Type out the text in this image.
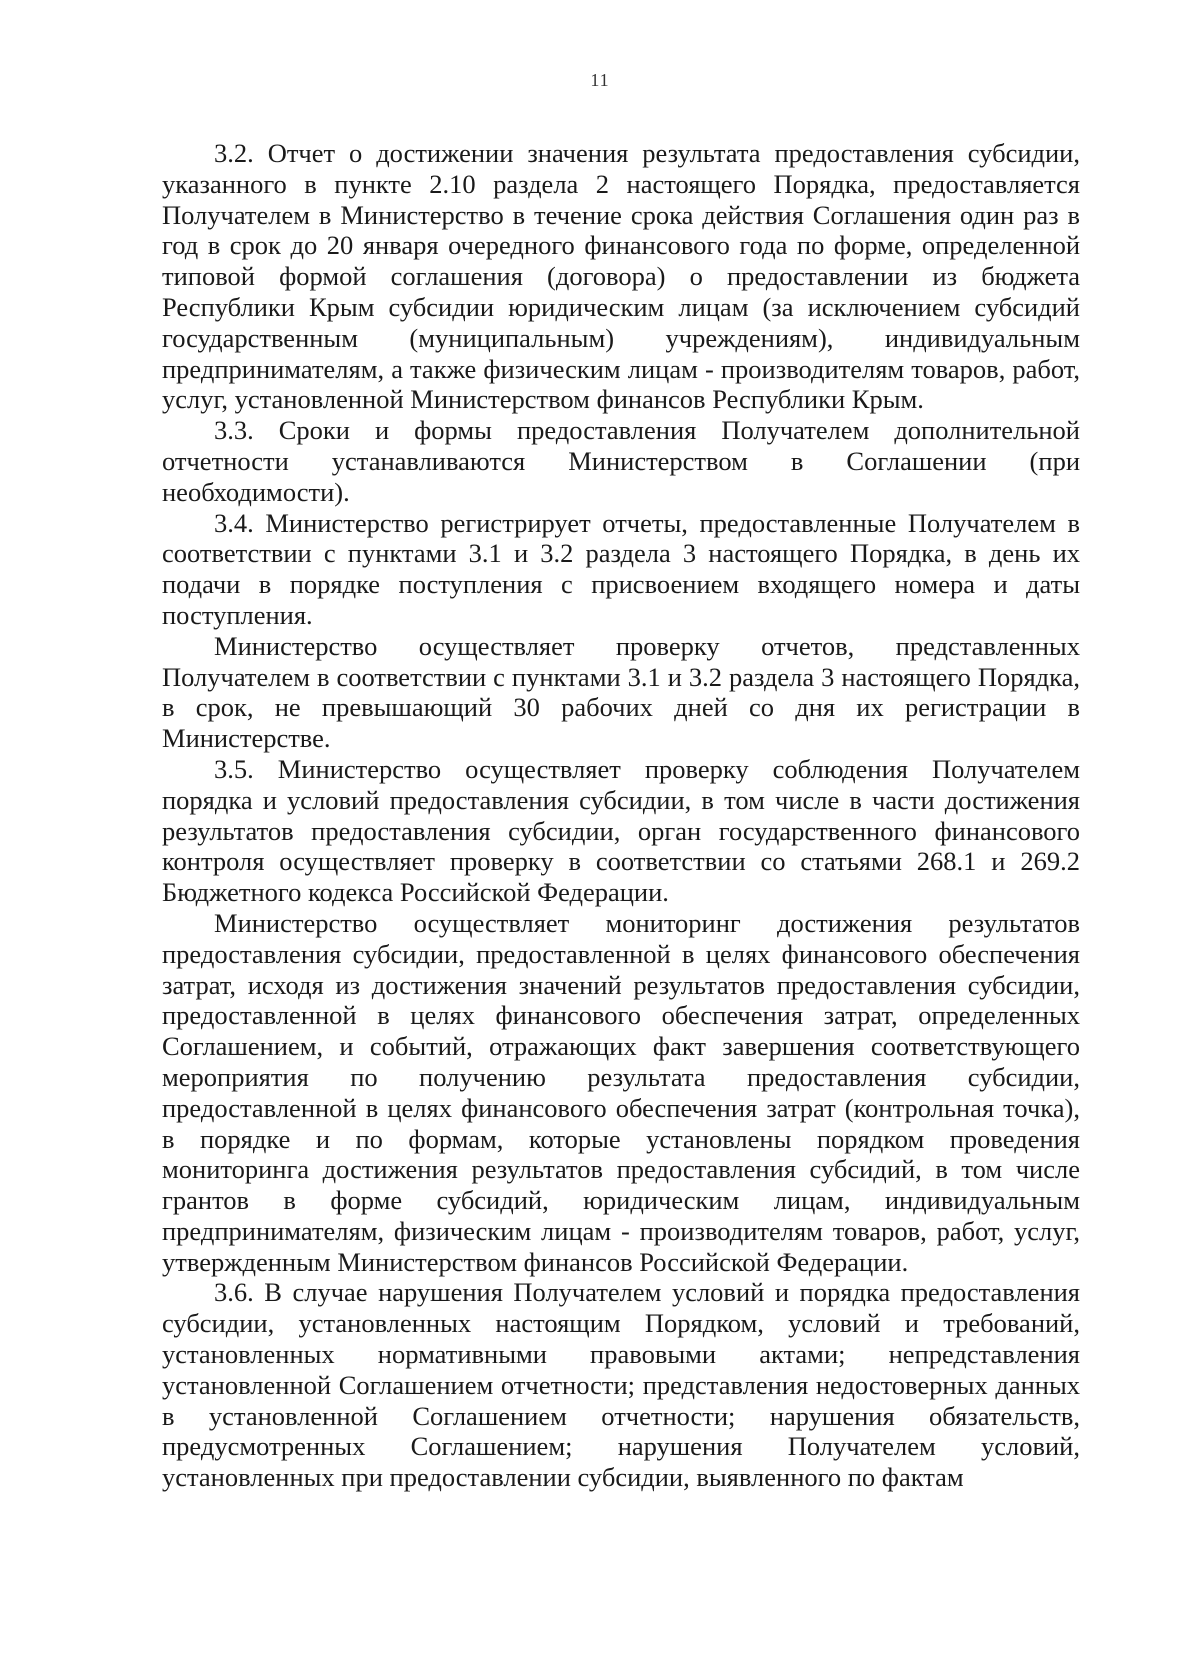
11

3.2. Отчет о достижении значения результата предоставления субсидии, указанного в пункте 2.10 раздела 2 настоящего Порядка, предоставляется Получателем в Министерство в течение срока действия Соглашения один раз в год в срок до 20 января очередного финансового года по форме, определенной типовой формой соглашения (договора) о предоставлении из бюджета Республики Крым субсидии юридическим лицам (за исключением субсидий государственным (муниципальным) учреждениям), индивидуальным предпринимателям, а также физическим лицам - производителям товаров, работ, услуг, установленной Министерством финансов Республики Крым.

3.3. Сроки и формы предоставления Получателем дополнительной отчетности устанавливаются Министерством в Соглашении (при необходимости).

3.4. Министерство регистрирует отчеты, предоставленные Получателем в соответствии с пунктами 3.1 и 3.2 раздела 3 настоящего Порядка, в день их подачи в порядке поступления с присвоением входящего номера и даты поступления.

Министерство осуществляет проверку отчетов, представленных Получателем в соответствии с пунктами 3.1 и 3.2 раздела 3 настоящего Порядка, в срок, не превышающий 30 рабочих дней со дня их регистрации в Министерстве.

3.5. Министерство осуществляет проверку соблюдения Получателем порядка и условий предоставления субсидии, в том числе в части достижения результатов предоставления субсидии, орган государственного финансового контроля осуществляет проверку в соответствии со статьями 268.1 и 269.2 Бюджетного кодекса Российской Федерации.

Министерство осуществляет мониторинг достижения результатов предоставления субсидии, предоставленной в целях финансового обеспечения затрат, исходя из достижения значений результатов предоставления субсидии, предоставленной в целях финансового обеспечения затрат, определенных Соглашением, и событий, отражающих факт завершения соответствующего мероприятия по получению результата предоставления субсидии, предоставленной в целях финансового обеспечения затрат (контрольная точка), в порядке и по формам, которые установлены порядком проведения мониторинга достижения результатов предоставления субсидий, в том числе грантов в форме субсидий, юридическим лицам, индивидуальным предпринимателям, физическим лицам - производителям товаров, работ, услуг, утвержденным Министерством финансов Российской Федерации.

3.6. В случае нарушения Получателем условий и порядка предоставления субсидии, установленных настоящим Порядком, условий и требований, установленных нормативными правовыми актами; непредставления установленной Соглашением отчетности; представления недостоверных данных в установленной Соглашением отчетности; нарушения обязательств, предусмотренных Соглашением; нарушения Получателем условий, установленных при предоставлении субсидии, выявленного по фактам
